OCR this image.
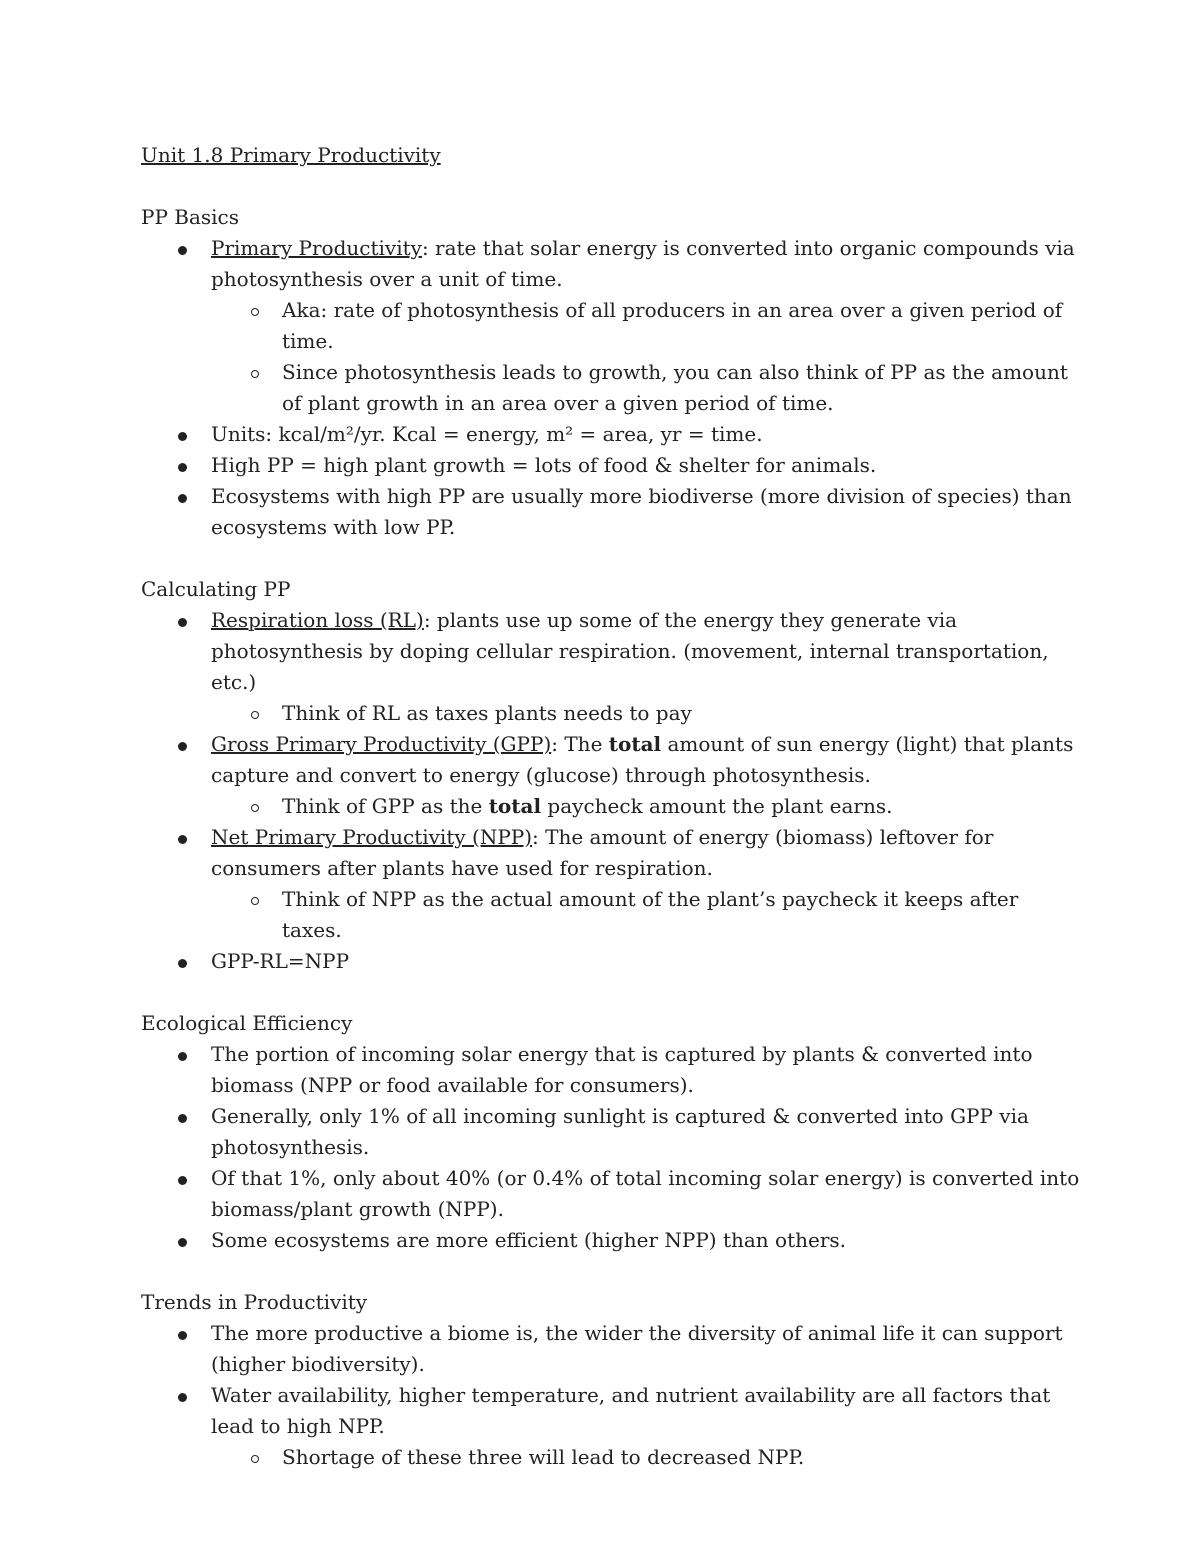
Unit 1.8 Primary Productivity
PP Basics
Primary Productivity: rate that solar energy is converted into organic compounds via photosynthesis over a unit of time.
Aka: rate of photosynthesis of all producers in an area over a given period of time.
Since photosynthesis leads to growth, you can also think of PP as the amount of plant growth in an area over a given period of time.
Units: kcal/m²/yr. Kcal = energy, m² = area, yr = time.
High PP = high plant growth = lots of food & shelter for animals.
Ecosystems with high PP are usually more biodiverse (more division of species) than ecosystems with low PP.
Calculating PP
Respiration loss (RL): plants use up some of the energy they generate via photosynthesis by doping cellular respiration. (movement, internal transportation, etc.)
Think of RL as taxes plants needs to pay
Gross Primary Productivity (GPP): The total amount of sun energy (light) that plants capture and convert to energy (glucose) through photosynthesis.
Think of GPP as the total paycheck amount the plant earns.
Net Primary Productivity (NPP): The amount of energy (biomass) leftover for consumers after plants have used for respiration.
Think of NPP as the actual amount of the plant’s paycheck it keeps after taxes.
GPP-RL=NPP
Ecological Efficiency
The portion of incoming solar energy that is captured by plants & converted into biomass (NPP or food available for consumers).
Generally, only 1% of all incoming sunlight is captured & converted into GPP via photosynthesis.
Of that 1%, only about 40% (or 0.4% of total incoming solar energy) is converted into biomass/plant growth (NPP).
Some ecosystems are more efficient (higher NPP) than others.
Trends in Productivity
The more productive a biome is, the wider the diversity of animal life it can support (higher biodiversity).
Water availability, higher temperature, and nutrient availability are all factors that lead to high NPP.
Shortage of these three will lead to decreased NPP.
